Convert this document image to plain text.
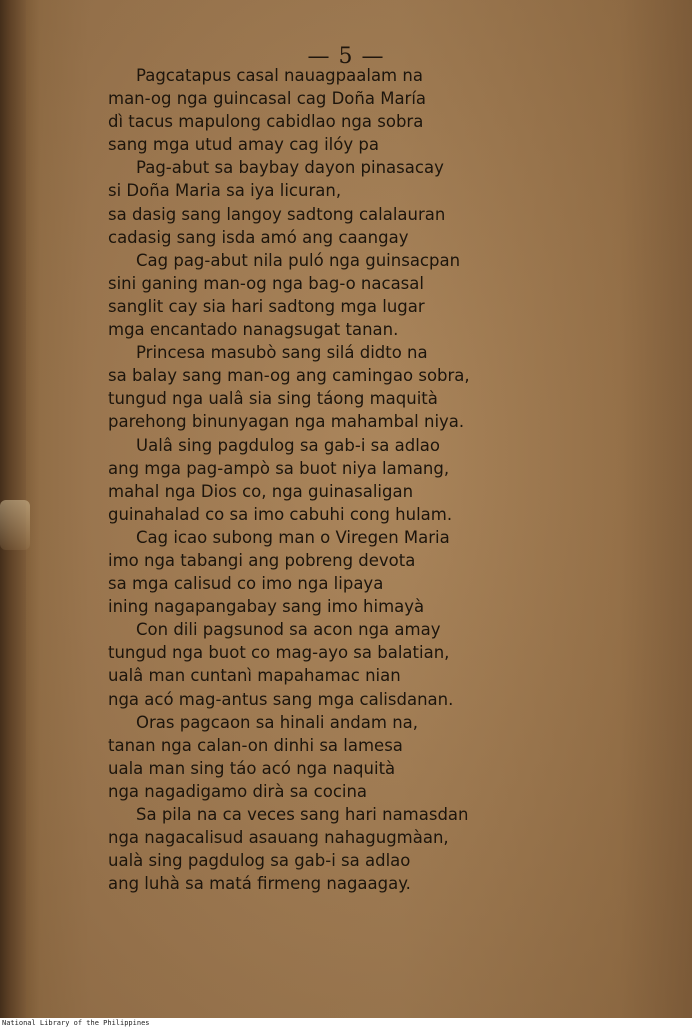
— 5 —
Pagcatapus casal nauagpaalam na
man-og nga guincasal cag Doña María
dì tacus mapulong cabidlao nga sobra
sang mga utud amay cag ilóy pa
Pag-abut sa baybay dayon pinasacay
si Doña Maria sa iya licuran,
sa dasig sang langoy sadtong calalauran
cadasig sang isda amó ang caangay
Cag pag-abut nila puló nga guinsacpan
sini ganing man-og nga bag-o nacasal
sanglit cay sia hari sadtong mga lugar
mga encantado nanagsugat tanan.
Princesa masubò sang silá didto na
sa balay sang man-og ang camingao sobra,
tungud nga ualâ sia sing táong maquità
parehong binunyagan nga mahambal niya.
Ualâ sing pagdulog sa gab-i sa adlao
ang mga pag-ampò sa buot niya lamang,
mahal nga Dios co, nga guinasaligan
guinahalad co sa imo cabuhi cong hulam.
Cag icao subong man o Viregen Maria
imo nga tabangi ang pobreng devota
sa mga calisud co imo nga lipaya
ining nagapangabay sang imo himayà
Con dili pagsunod sa acon nga amay
tungud nga buot co mag-ayo sa balatian,
ualâ man cuntanì mapahamac nian
nga acó mag-antus sang mga calisdanan.
Oras pagcaon sa hinali andam na,
tanan nga calan-on dinhi sa lamesa
uala man sing táo acó nga naquità
nga nagadigamo dirà sa cocina
Sa pila na ca veces sang hari namasdan
nga nagacalisud asauang nahagugmàan,
ualà sing pagdulog sa gab-i sa adlao
ang luhà sa matá firmeng nagaagay.
National Library of the Philippines
